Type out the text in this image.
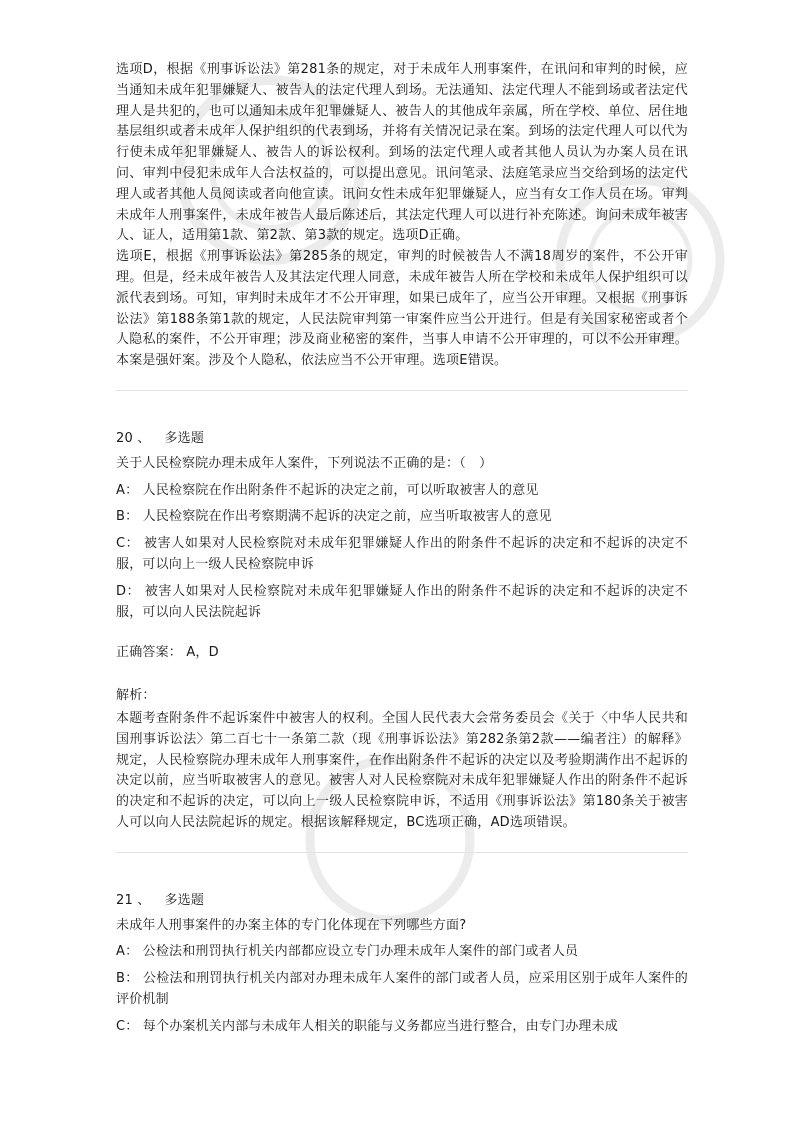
选项D，根据《刑事诉讼法》第281条的规定，对于未成年人刑事案件，在讯问和审判的时候，应当通知未成年犯罪嫌疑人、被告人的法定代理人到场。无法通知、法定代理人不能到场或者法定代理人是共犯的，也可以通知未成年犯罪嫌疑人、被告人的其他成年亲属，所在学校、单位、居住地基层组织或者未成年人保护组织的代表到场，并将有关情况记录在案。到场的法定代理人可以代为行使未成年犯罪嫌疑人、被告人的诉讼权利。到场的法定代理人或者其他人员认为办案人员在讯问、审判中侵犯未成年人合法权益的，可以提出意见。讯问笔录、法庭笔录应当交给到场的法定代理人或者其他人员阅读或者向他宣读。讯问女性未成年犯罪嫌疑人，应当有女工作人员在场。审判未成年人刑事案件，未成年被告人最后陈述后，其法定代理人可以进行补充陈述。询问未成年被害人、证人，适用第1款、第2款、第3款的规定。选项D正确。

选项E，根据《刑事诉讼法》第285条的规定，审判的时候被告人不满18周岁的案件，不公开审理。但是，经未成年被告人及其法定代理人同意，未成年被告人所在学校和未成年人保护组织可以派代表到场。可知，审判时未成年才不公开审理，如果已成年了，应当公开审理。又根据《刑事诉讼法》第188条第1款的规定，人民法院审判第一审案件应当公开进行。但是有关国家秘密或者个人隐私的案件，不公开审理；涉及商业秘密的案件，当事人申请不公开审理的，可以不公开审理。本案是强奸案。涉及个人隐私，依法应当不公开审理。选项E错误。

20 、 多选题
关于人民检察院办理未成年人案件，下列说法不正确的是：（　）
A： 人民检察院在作出附条件不起诉的决定之前，可以听取被害人的意见
B： 人民检察院在作出考察期满不起诉的决定之前，应当听取被害人的意见
C： 被害人如果对人民检察院对未成年犯罪嫌疑人作出的附条件不起诉的决定和不起诉的决定不服，可以向上一级人民检察院申诉
D： 被害人如果对人民检察院对未成年犯罪嫌疑人作出的附条件不起诉的决定和不起诉的决定不服，可以向人民法院起诉
正确答案： A，D
解析：
本题考查附条件不起诉案件中被害人的权利。全国人民代表大会常务委员会《关于〈中华人民共和国刑事诉讼法〉第二百七十一条第二款（现《刑事诉讼法》第282条第2款——编者注）的解释》规定，人民检察院办理未成年人刑事案件，在作出附条件不起诉的决定以及考验期满作出不起诉的决定以前，应当听取被害人的意见。被害人对人民检察院对未成年犯罪嫌疑人作出的附条件不起诉的决定和不起诉的决定，可以向上一级人民检察院申诉，不适用《刑事诉讼法》第180条关于被害人可以向人民法院起诉的规定。根据该解释规定，BC选项正确，AD选项错误。
21 、 多选题
未成年人刑事案件的办案主体的专门化体现在下列哪些方面?
A： 公检法和刑罚执行机关内部都应设立专门办理未成年人案件的部门或者人员
B： 公检法和刑罚执行机关内部对办理未成年人案件的部门或者人员，应采用区别于成年人案件的评价机制
C： 每个办案机关内部与未成年人相关的职能与义务都应当进行整合，由专门办理未成
